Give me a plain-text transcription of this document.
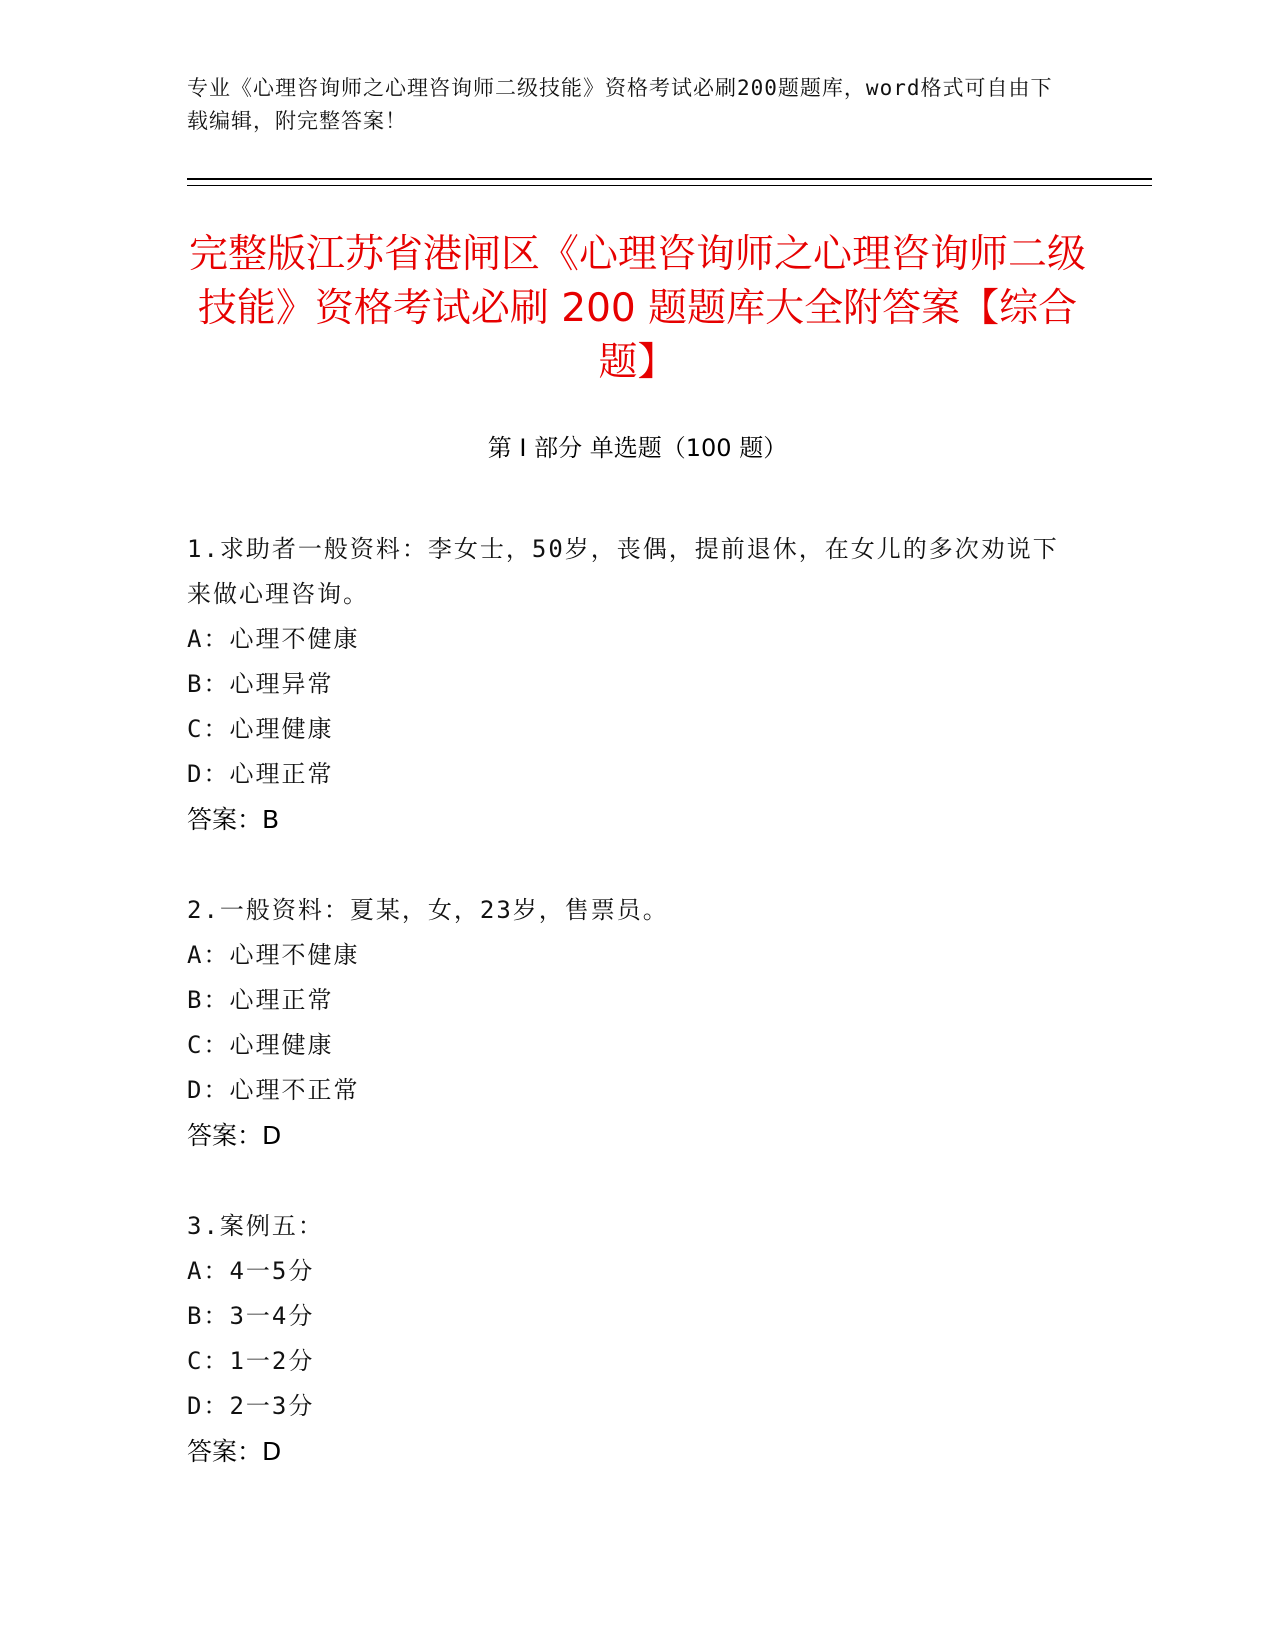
专业《心理咨询师之心理咨询师二级技能》资格考试必刷200题题库，word格式可自由下载编辑，附完整答案！
完整版江苏省港闸区《心理咨询师之心理咨询师二级技能》资格考试必刷 200 题题库大全附答案【综合题】
第 I 部分 单选题（100 题）
1.求助者一般资料：李女士，50岁，丧偶，提前退休，在女儿的多次劝说下来做心理咨询。
A：心理不健康
B：心理异常
C：心理健康
D：心理正常
答案：B
2.一般资料：夏某，女，23岁，售票员。
A：心理不健康
B：心理正常
C：心理健康
D：心理不正常
答案：D
3.案例五：
A：4一5分
B：3一4分
C：1一2分
D：2一3分
答案：D
